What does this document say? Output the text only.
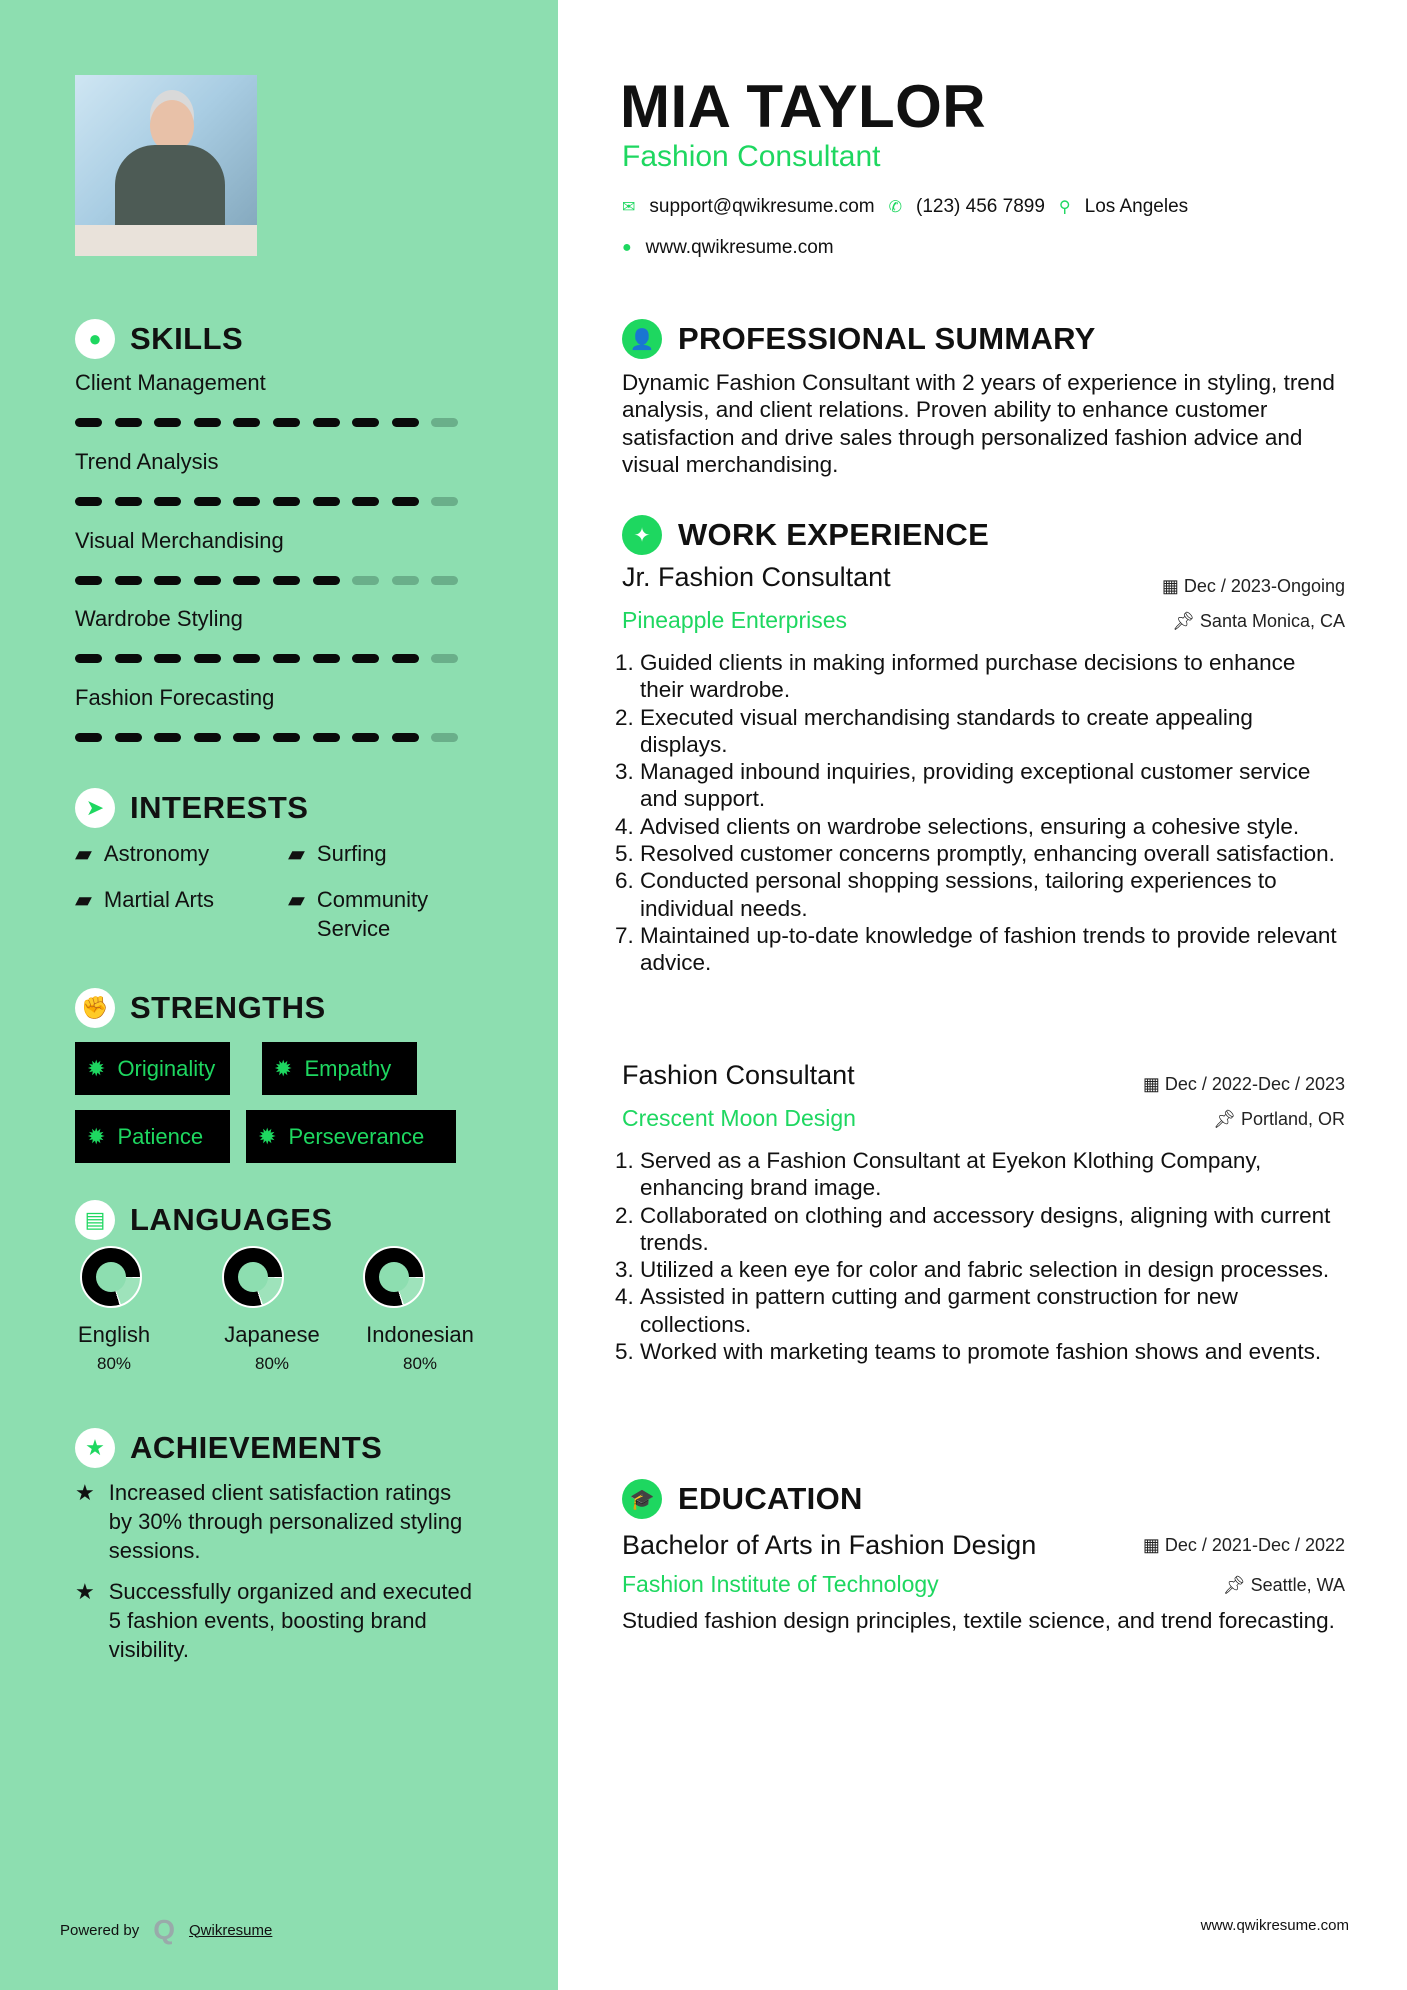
● SKILLS
Client Management
Trend Analysis
Visual Merchandising
Wardrobe Styling
Fashion Forecasting
➤ INTERESTS
▰ Astronomy	▰ Surfing
▰ Martial Arts	▰ Community Service
✊ STRENGTHS
✹ Originality	✹ Empathy
✹ Patience ✹ Perseverance
▤ LANGUAGES
English
80%
Japanese
80%
Indonesian
80%
★ ACHIEVEMENTS
★ Increased client satisfaction ratings by 30% through personalized styling sessions.
★ Successfully organized and executed 5 fashion events, boosting brand visibility.
Powered by Q Qwikresume	www.qwikresume.com
MIA TAYLOR
Fashion Consultant
✉ support@qwikresume.com ✆ (123) 456 7899 ⚲ Los Angeles
● www.qwikresume.com
👤 PROFESSIONAL SUMMARY
Dynamic Fashion Consultant with 2 years of experience in styling, trend analysis, and client relations. Proven ability to enhance customer satisfaction and drive sales through personalized fashion advice and visual merchandising.
✦ WORK EXPERIENCE
Jr. Fashion Consultant	▦ Dec / 2023-Ongoing
Pineapple Enterprises	📌︎ Santa Monica, CA
1. Guided clients in making informed purchase decisions to enhance their wardrobe.
2. Executed visual merchandising standards to create appealing displays.
3. Managed inbound inquiries, providing exceptional customer service and support.
4. Advised clients on wardrobe selections, ensuring a cohesive style.
5. Resolved customer concerns promptly, enhancing overall satisfaction.
6. Conducted personal shopping sessions, tailoring experiences to individual needs.
7. Maintained up-to-date knowledge of fashion trends to provide relevant advice.
Fashion Consultant	▦ Dec / 2022-Dec / 2023
Crescent Moon Design	📌︎ Portland, OR
1. Served as a Fashion Consultant at Eyekon Klothing Company, enhancing brand image.
2. Collaborated on clothing and accessory designs, aligning with current trends.
3. Utilized a keen eye for color and fabric selection in design processes.
4. Assisted in pattern cutting and garment construction for new collections.
5. Worked with marketing teams to promote fashion shows and events.
🎓 EDUCATION
Bachelor of Arts in Fashion Design	▦ Dec / 2021-Dec / 2022
Fashion Institute of Technology	📌︎ Seattle, WA
Studied fashion design principles, textile science, and trend forecasting.
